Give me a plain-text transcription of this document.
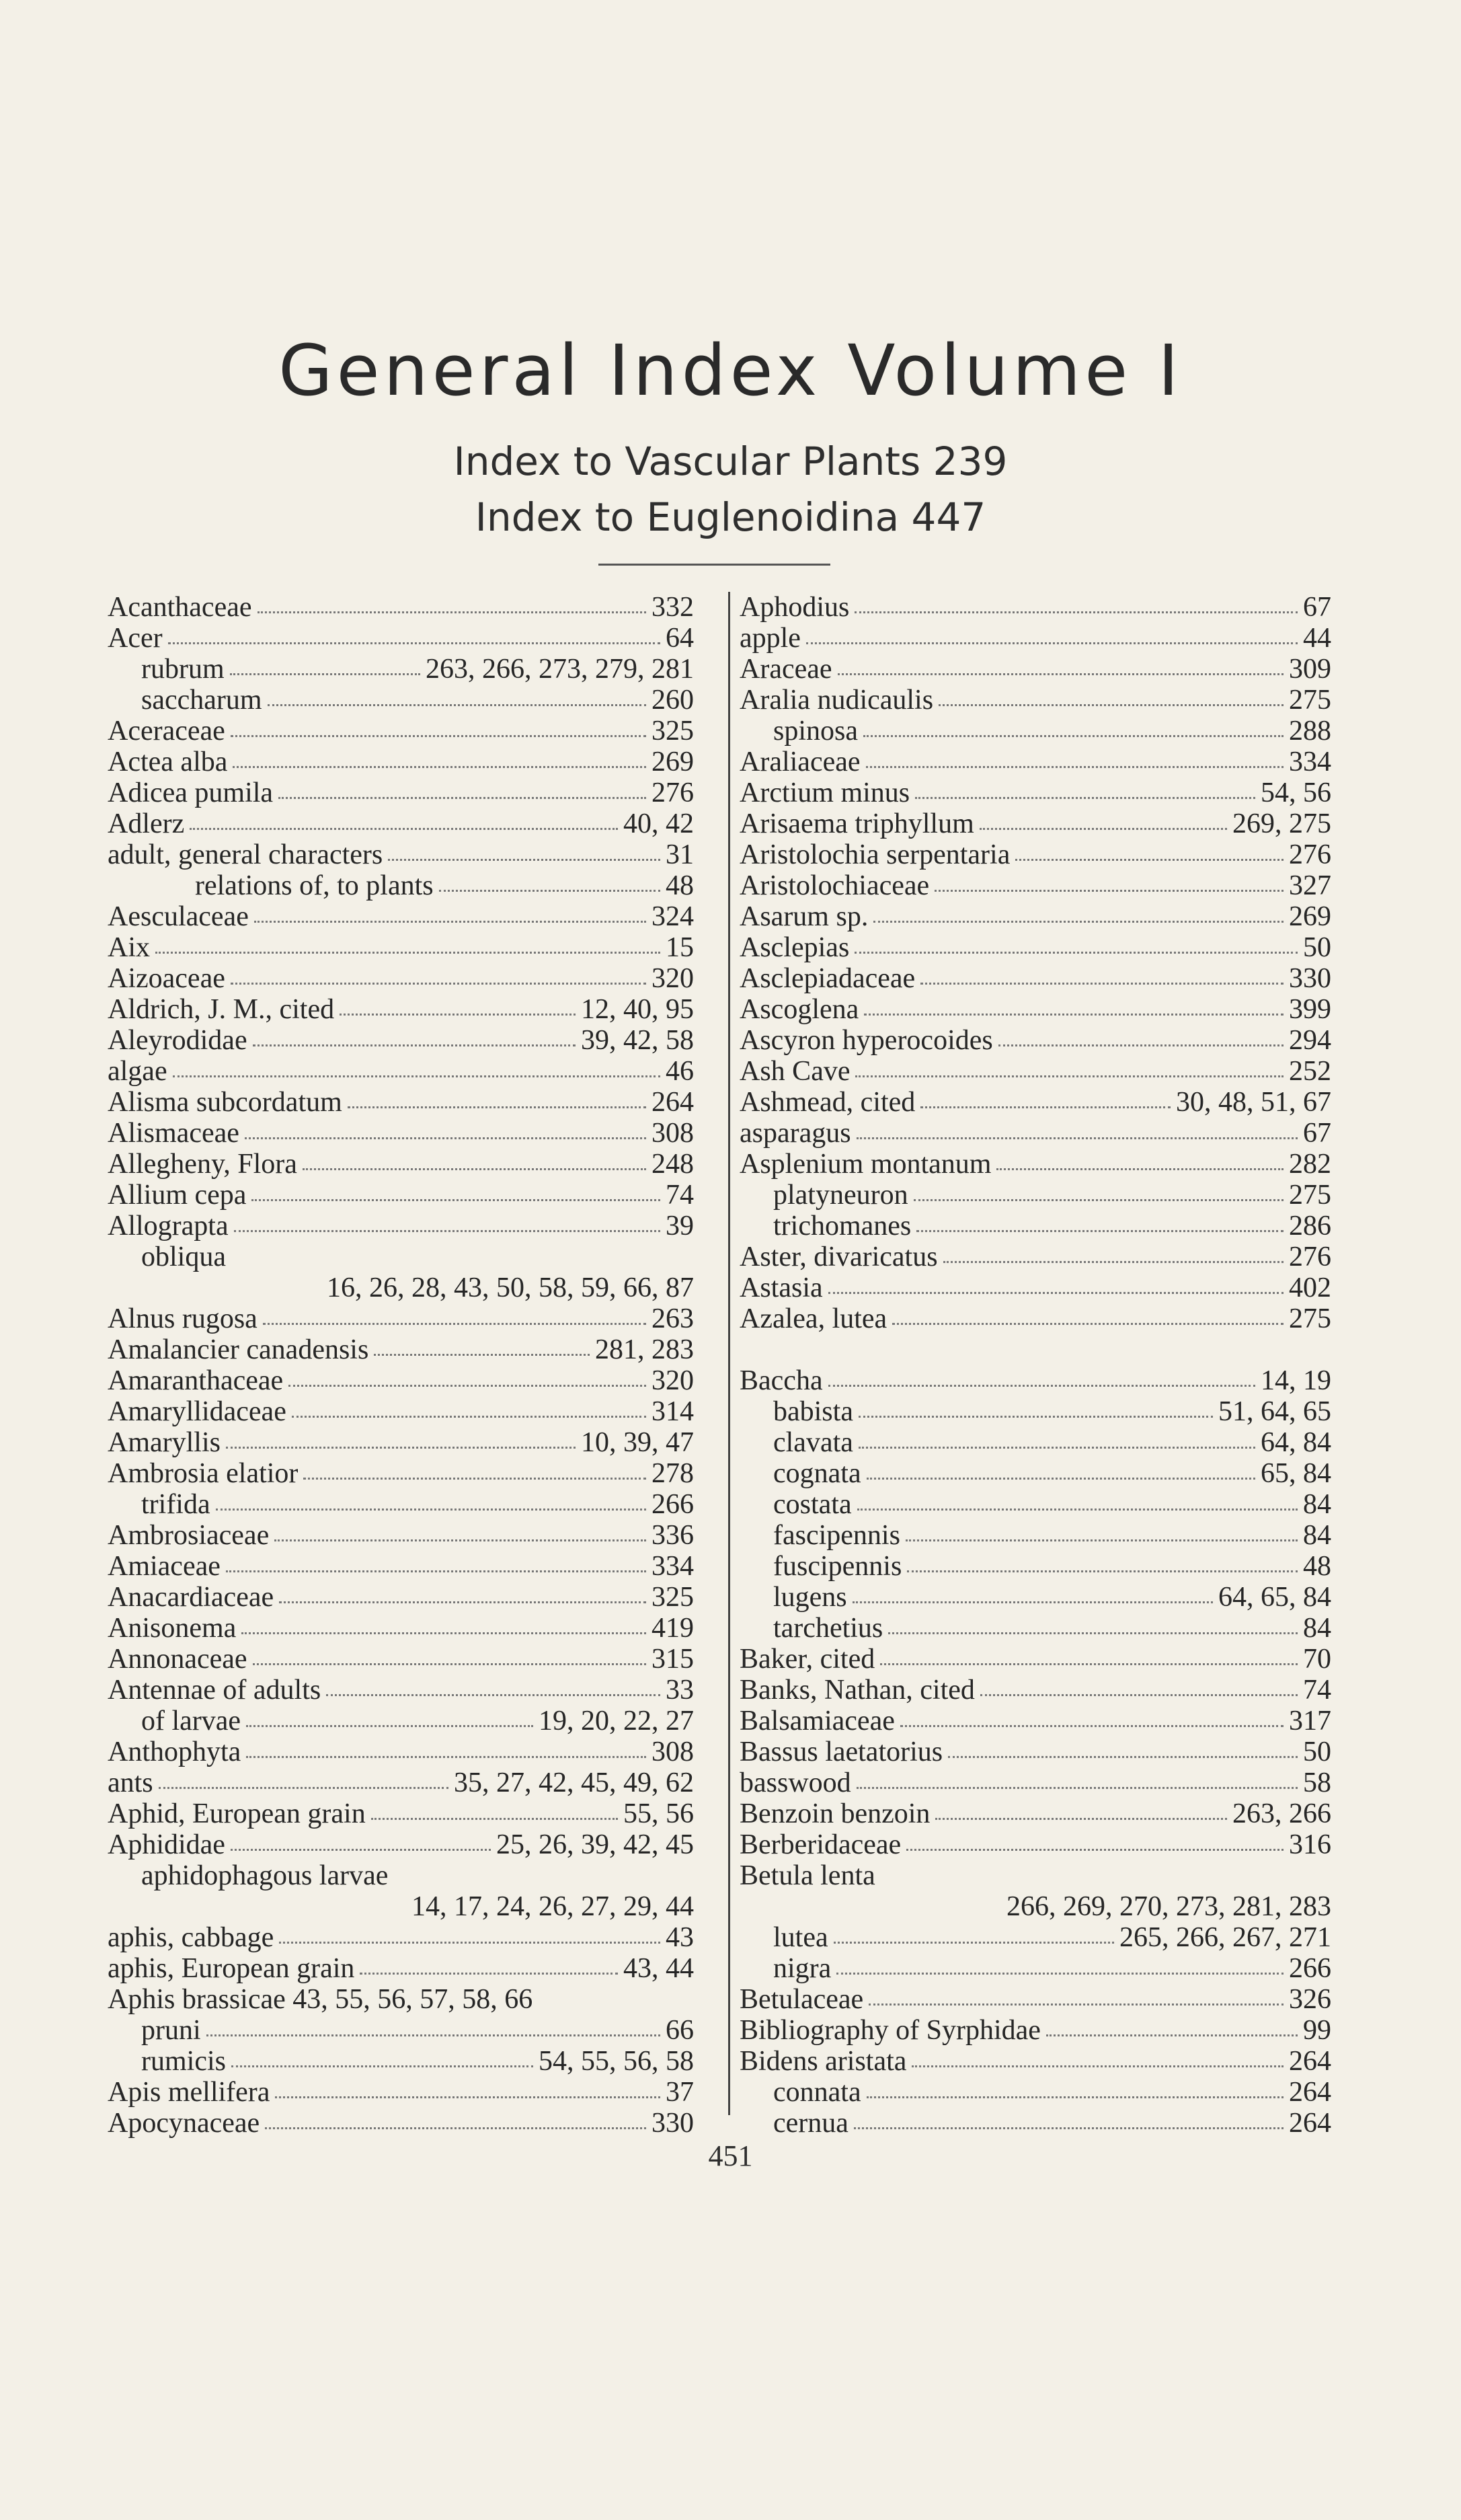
General Index Volume I
Index to Vascular Plants 239
Index to Euglenoidina 447
Acanthaceae	332
Acer	64
rubrum	263, 266, 273, 279, 281
saccharum	260
Aceraceae	325
Actea alba	269
Adicea pumila	276
Adlerz	40, 42
adult, general characters	31
relations of, to plants	48
Aesculaceae	324
Aix	15
Aizoaceae	320
Aldrich, J. M., cited	12, 40, 95
Aleyrodidae	39, 42, 58
algae	46
Alisma subcordatum	264
Alismaceae	308
Allegheny, Flora	248
Allium cepa	74
Allograpta	39
obliqua
16, 26, 28, 43, 50, 58, 59, 66, 87
Alnus rugosa	263
Amalancier canadensis	281, 283
Amaranthaceae	320
Amaryllidaceae	314
Amaryllis	10, 39, 47
Ambrosia elatior	278
trifida	266
Ambrosiaceae	336
Amiaceae	334
Anacardiaceae	325
Anisonema	419
Annonaceae	315
Antennae of adults	33
of larvae	19, 20, 22, 27
Anthophyta	308
ants	35, 27, 42, 45, 49, 62
Aphid, European grain	55, 56
Aphididae	25, 26, 39, 42, 45
aphidophagous larvae
14, 17, 24, 26, 27, 29, 44
aphis, cabbage	43
aphis, European grain	43, 44
Aphis brassicae 43, 55, 56, 57, 58, 66
pruni	66
rumicis	54, 55, 56, 58
Apis mellifera	37
Apocynaceae	330
Aphodius	67
apple	44
Araceae	309
Aralia nudicaulis	275
spinosa	288
Araliaceae	334
Arctium minus	54, 56
Arisaema triphyllum	269, 275
Aristolochia serpentaria	276
Aristolochiaceae	327
Asarum sp.	269
Asclepias	50
Asclepiadaceae	330
Ascoglena	399
Ascyron hyperocoides	294
Ash Cave	252
Ashmead, cited	30, 48, 51, 67
asparagus	67
Asplenium montanum	282
platyneuron	275
trichomanes	286
Aster, divaricatus	276
Astasia	402
Azalea, lutea	275
Baccha	14, 19
babista	51, 64, 65
clavata	64, 84
cognata	65, 84
costata	84
fascipennis	84
fuscipennis	48
lugens	64, 65, 84
tarchetius	84
Baker, cited	70
Banks, Nathan, cited	74
Balsamiaceae	317
Bassus laetatorius	50
basswood	58
Benzoin benzoin	263, 266
Berberidaceae	316
Betula lenta
266, 269, 270, 273, 281, 283
lutea	265, 266, 267, 271
nigra	266
Betulaceae	326
Bibliography of Syrphidae	99
Bidens aristata	264
connata	264
cernua	264
451
